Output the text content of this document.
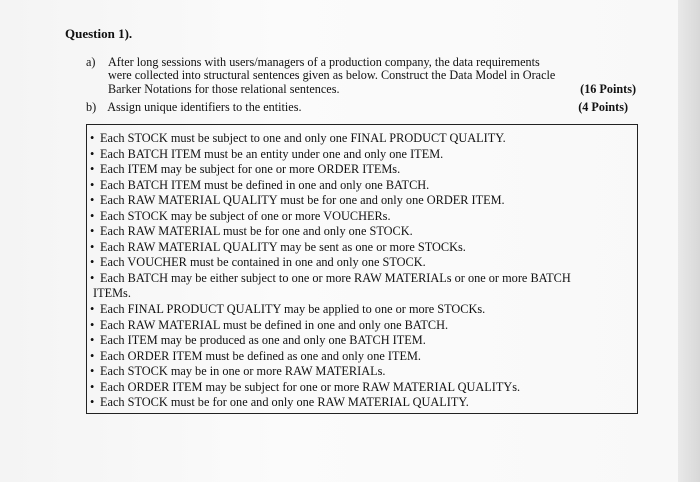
Question 1).
a) After long sessions with users/managers of a production company, the data requirements
were collected into structural sentences given as below. Construct the Data Model in Oracle
Barker Notations for those relational sentences.	(16 Points)
b) Assign unique identifiers to the entities.	(4 Points)
• Each STOCK must be subject to one and only one FINAL PRODUCT QUALITY.
• Each BATCH ITEM must be an entity under one and only one ITEM.
• Each ITEM may be subject for one or more ORDER ITEMs.
• Each BATCH ITEM must be defined in one and only one BATCH.
• Each RAW MATERIAL QUALITY must be for one and only one ORDER ITEM.
• Each STOCK may be subject of one or more VOUCHERs.
• Each RAW MATERIAL must be for one and only one STOCK.
• Each RAW MATERIAL QUALITY may be sent as one or more STOCKs.
• Each VOUCHER must be contained in one and only one STOCK.
• Each BATCH may be either subject to one or more RAW MATERIALs or one or more BATCH
ITEMs.
• Each FINAL PRODUCT QUALITY may be applied to one or more STOCKs.
• Each RAW MATERIAL must be defined in one and only one BATCH.
• Each ITEM may be produced as one and only one BATCH ITEM.
• Each ORDER ITEM must be defined as one and only one ITEM.
• Each STOCK may be in one or more RAW MATERIALs.
• Each ORDER ITEM may be subject for one or more RAW MATERIAL QUALITYs.
• Each STOCK must be for one and only one RAW MATERIAL QUALITY.
